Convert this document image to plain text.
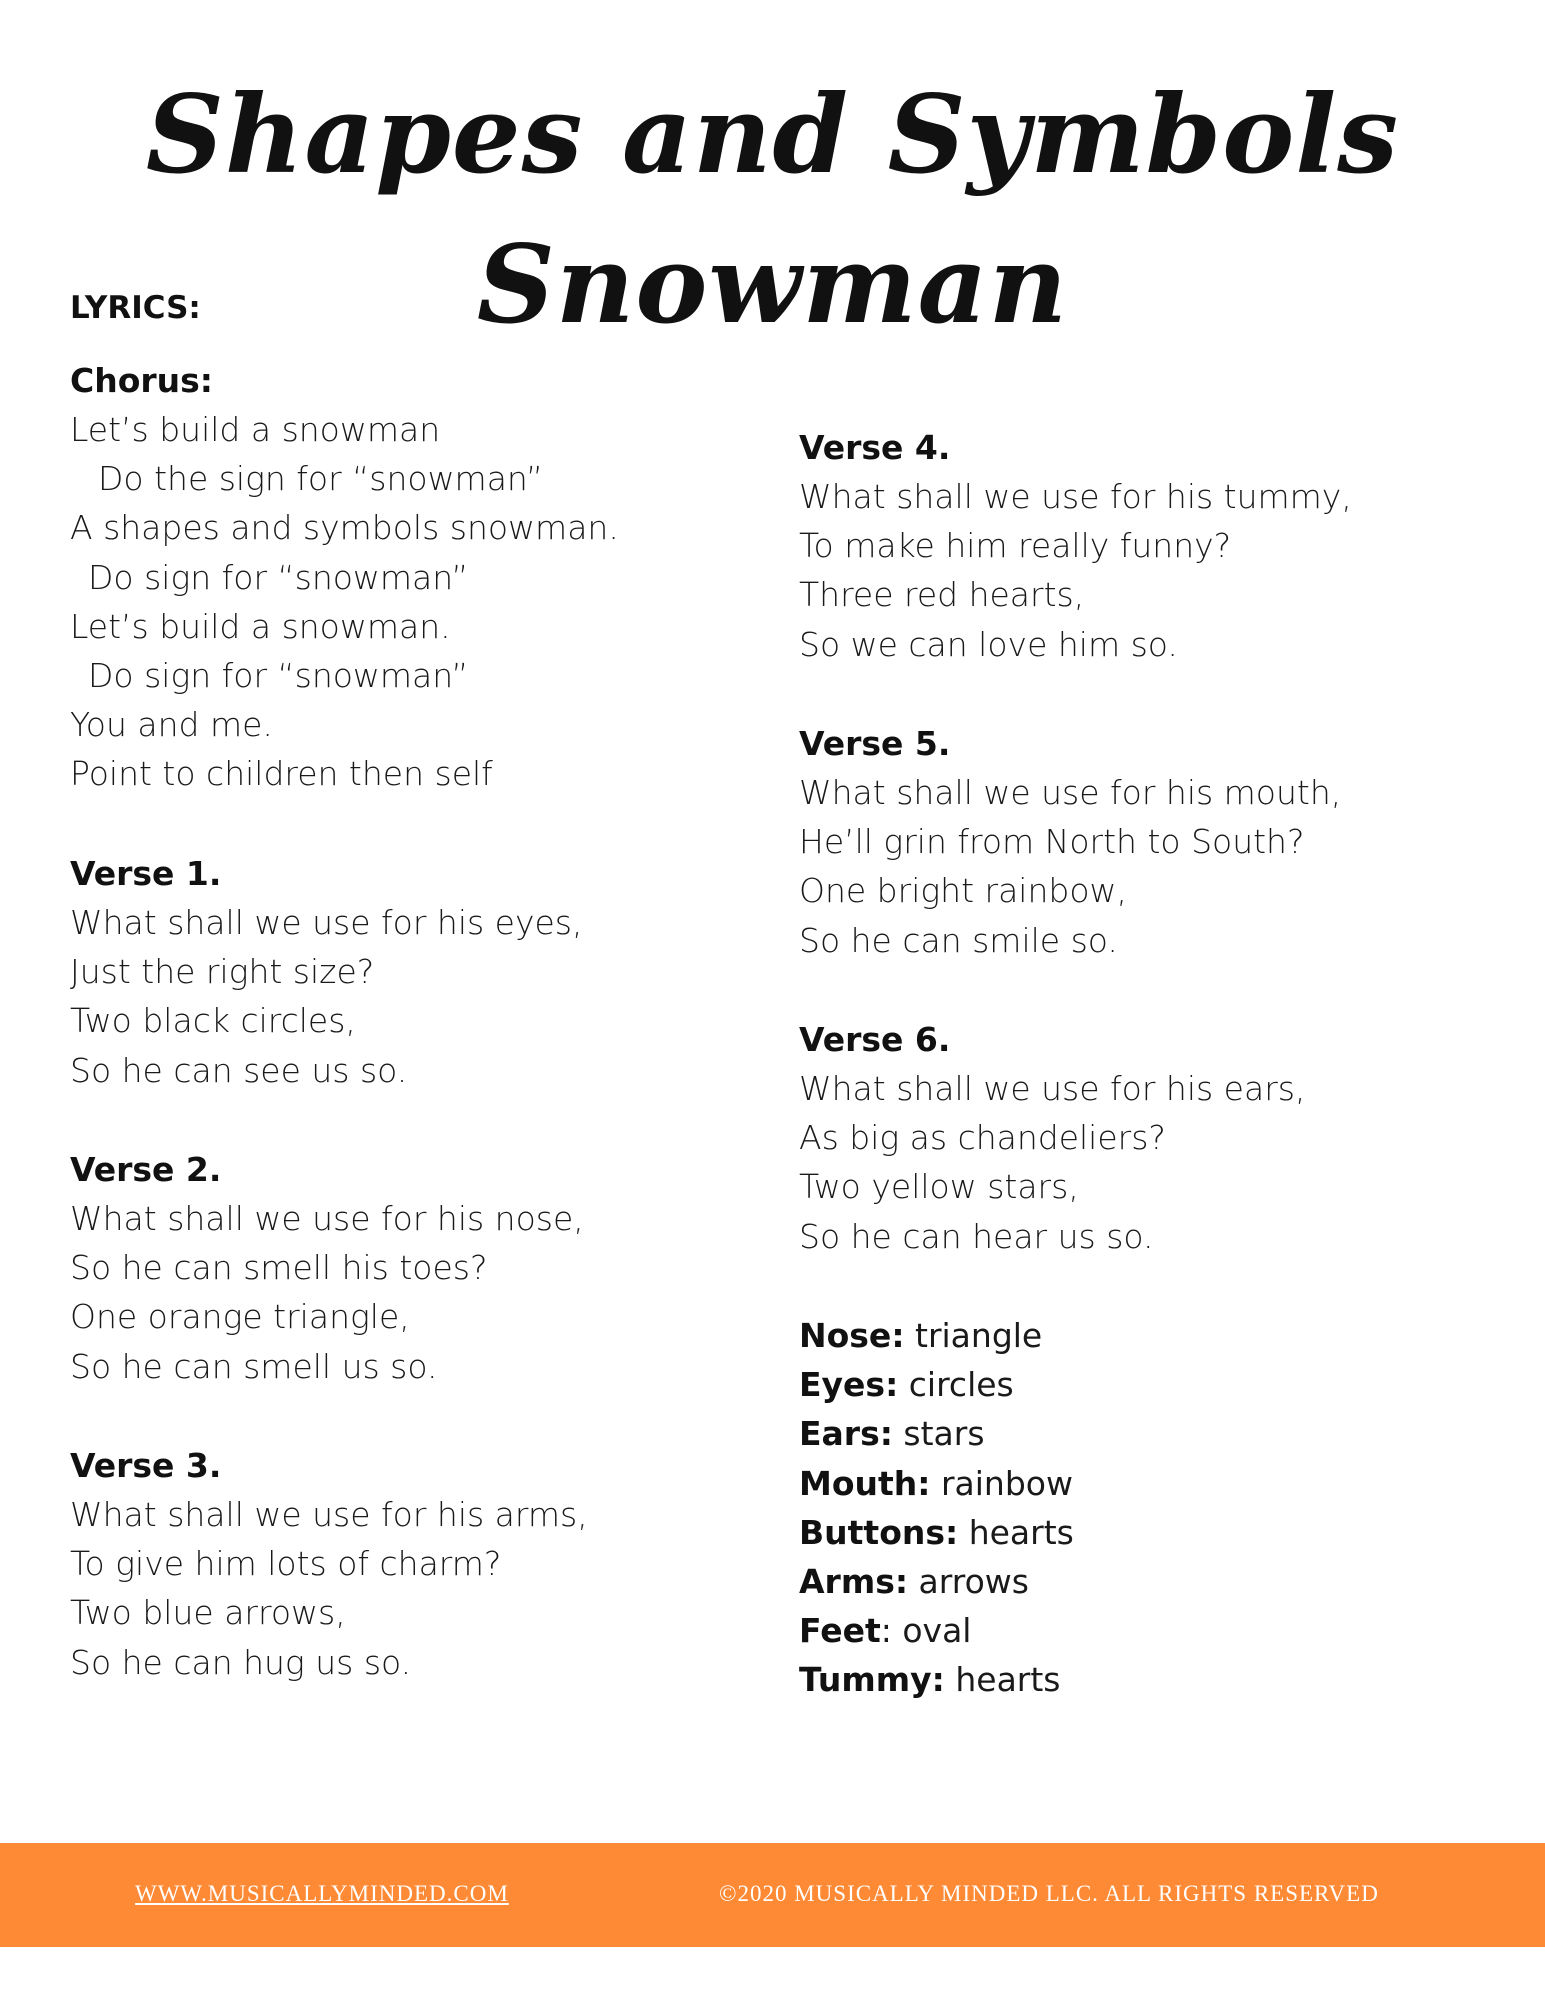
Shapes and Symbols Snowman
LYRICS:
Chorus:
Let’s build a snowman
Do the sign for “snowman”
A shapes and symbols snowman.
Do sign for “snowman”
Let’s build a snowman.
Do sign for “snowman”
You and me.
Point to children then self
Verse 1.
What shall we use for his eyes,
Just the right size?
Two black circles,
So he can see us so.
Verse 2.
What shall we use for his nose,
So he can smell his toes?
One orange triangle,
So he can smell us so.
Verse 3.
What shall we use for his arms,
To give him lots of charm?
Two blue arrows,
So he can hug us so.
Verse 4.
What shall we use for his tummy,
To make him really funny?
Three red hearts,
So we can love him so.
Verse 5.
What shall we use for his mouth,
He’ll grin from North to South?
One bright rainbow,
So he can smile so.
Verse 6.
What shall we use for his ears,
As big as chandeliers?
Two yellow stars,
So he can hear us so.
Nose: triangle
Eyes: circles
Ears: stars
Mouth: rainbow
Buttons: hearts
Arms: arrows
Feet: oval
Tummy: hearts
WWW.MUSICALLYMINDED.COM	©2020 MUSICALLY MINDED LLC. ALL RIGHTS RESERVED
